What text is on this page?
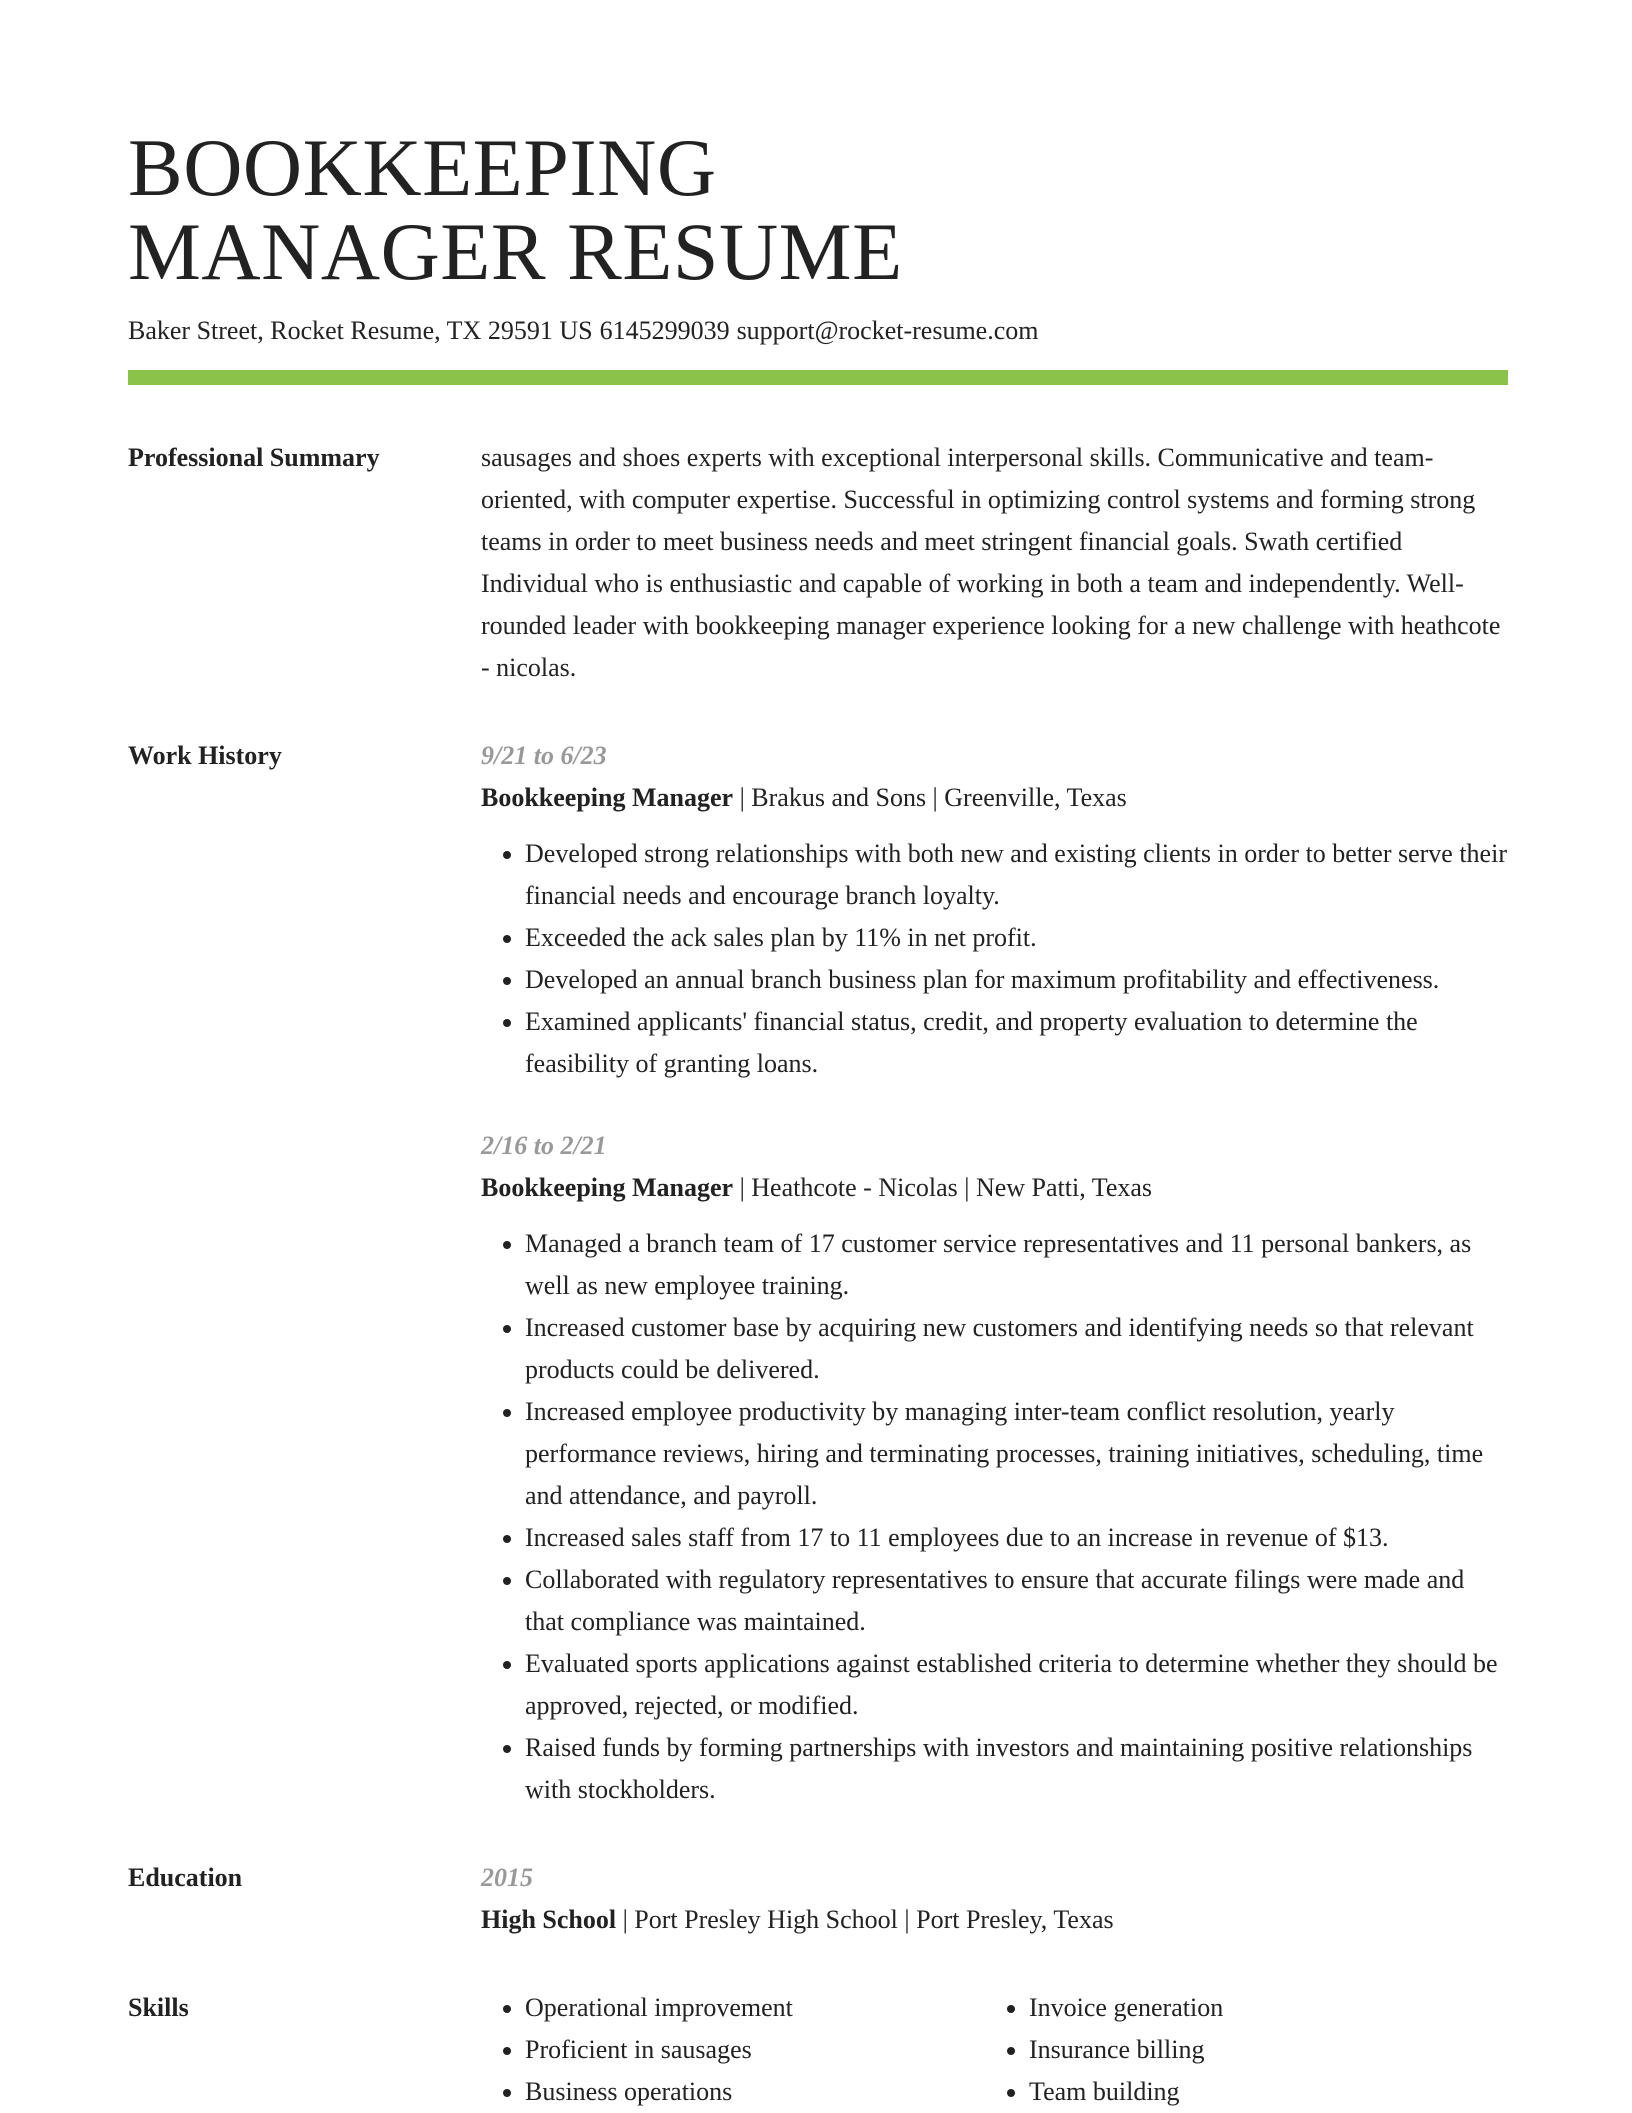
BOOKKEEPING
MANAGER RESUME
Baker Street, Rocket Resume, TX 29591 US 6145299039 support@rocket-resume.com
Professional Summary	sausages and shoes experts with exceptional interpersonal skills. Communicative and team-oriented, with computer expertise. Successful in optimizing control systems and forming strong teams in order to meet business needs and meet stringent financial goals. Swath certified Individual who is enthusiastic and capable of working in both a team and independently. Well-rounded leader with bookkeeping manager experience looking for a new challenge with heathcote - nicolas.

Work History	9/21 to 6/23
Bookkeeping Manager | Brakus and Sons | Greenville, Texas
• Developed strong relationships with both new and existing clients in order to better serve their financial needs and encourage branch loyalty.
• Exceeded the ack sales plan by 11% in net profit.
• Developed an annual branch business plan for maximum profitability and effectiveness.
• Examined applicants' financial status, credit, and property evaluation to determine the feasibility of granting loans.
2/16 to 2/21
Bookkeeping Manager | Heathcote - Nicolas | New Patti, Texas
• Managed a branch team of 17 customer service representatives and 11 personal bankers, as well as new employee training.
• Increased customer base by acquiring new customers and identifying needs so that relevant products could be delivered.
• Increased employee productivity by managing inter-team conflict resolution, yearly performance reviews, hiring and terminating processes, training initiatives, scheduling, time and attendance, and payroll.
• Increased sales staff from 17 to 11 employees due to an increase in revenue of $13.
• Collaborated with regulatory representatives to ensure that accurate filings were made and that compliance was maintained.
• Evaluated sports applications against established criteria to determine whether they should be approved, rejected, or modified.
• Raised funds by forming partnerships with investors and maintaining positive relationships with stockholders.
Education	2015
High School | Port Presley High School | Port Presley, Texas
Skills
•	Operational improvement
• Proficient in sausages
• Business operations
• Invoice generation
• Insurance billing
• Team building
